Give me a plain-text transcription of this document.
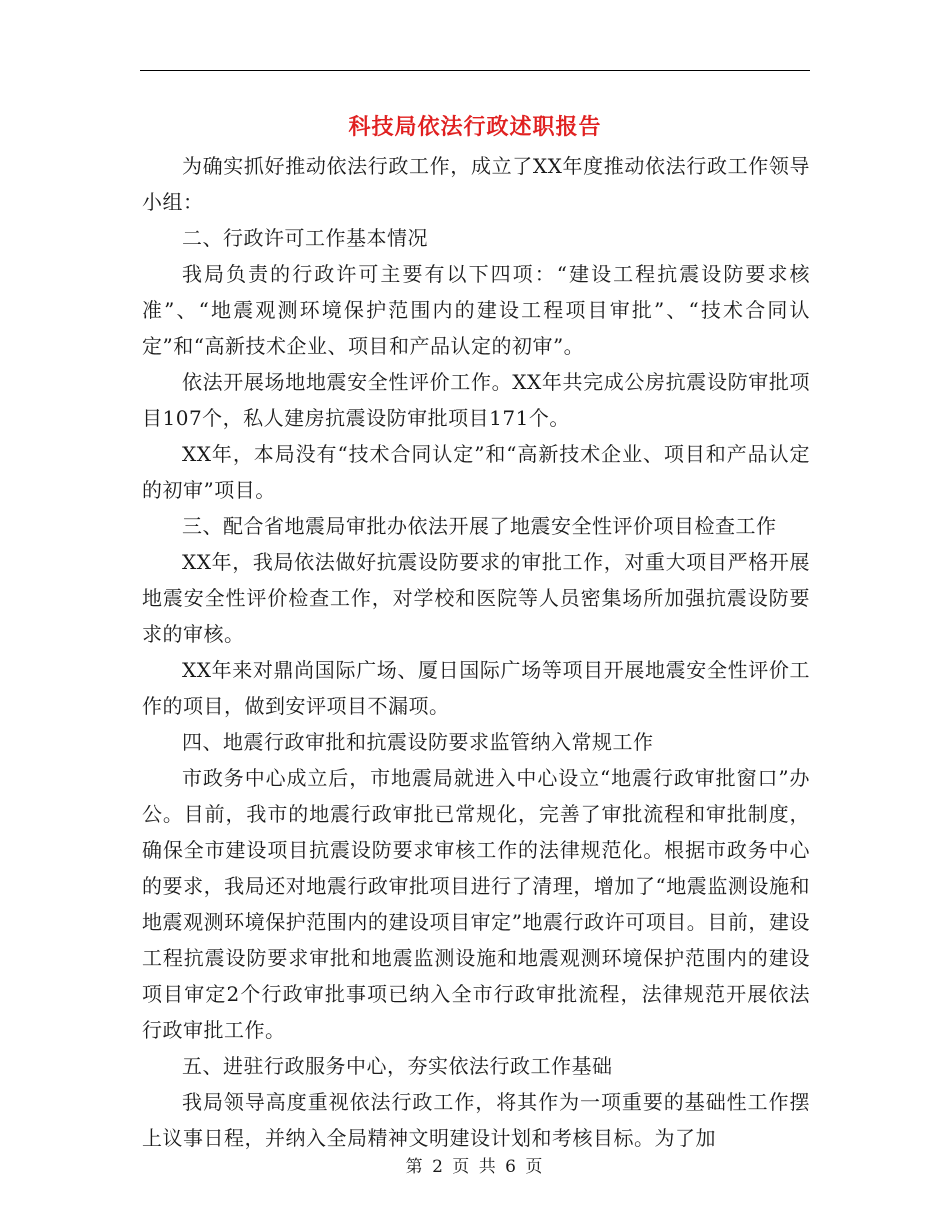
科技局依法行政述职报告

为确实抓好推动依法行政工作，成立了XX年度推动依法行政工作领导小组：

二、行政许可工作基本情况

我局负责的行政许可主要有以下四项：“建设工程抗震设防要求核准”、“地震观测环境保护范围内的建设工程项目审批”、“技术合同认定”和“高新技术企业、项目和产品认定的初审”。

依法开展场地地震安全性评价工作。XX年共完成公房抗震设防审批项目107个，私人建房抗震设防审批项目171个。

XX年，本局没有“技术合同认定”和“高新技术企业、项目和产品认定的初审”项目。

三、配合省地震局审批办依法开展了地震安全性评价项目检查工作

XX年，我局依法做好抗震设防要求的审批工作，对重大项目严格开展地震安全性评价检查工作，对学校和医院等人员密集场所加强抗震设防要求的审核。

XX年来对鼎尚国际广场、厦日国际广场等项目开展地震安全性评价工作的项目，做到安评项目不漏项。

四、地震行政审批和抗震设防要求监管纳入常规工作

市政务中心成立后，市地震局就进入中心设立“地震行政审批窗口”办公。目前，我市的地震行政审批已常规化，完善了审批流程和审批制度，确保全市建设项目抗震设防要求审核工作的法律规范化。根据市政务中心的要求，我局还对地震行政审批项目进行了清理，增加了“地震监测设施和地震观测环境保护范围内的建设项目审定”地震行政许可项目。目前，建设工程抗震设防要求审批和地震监测设施和地震观测环境保护范围内的建设项目审定2个行政审批事项已纳入全市行政审批流程，法律规范开展依法行政审批工作。

五、进驻行政服务中心，夯实依法行政工作基础

我局领导高度重视依法行政工作，将其作为一项重要的基础性工作摆上议事日程，并纳入全局精神文明建设计划和考核目标。为了加

第 2 页 共 6 页
